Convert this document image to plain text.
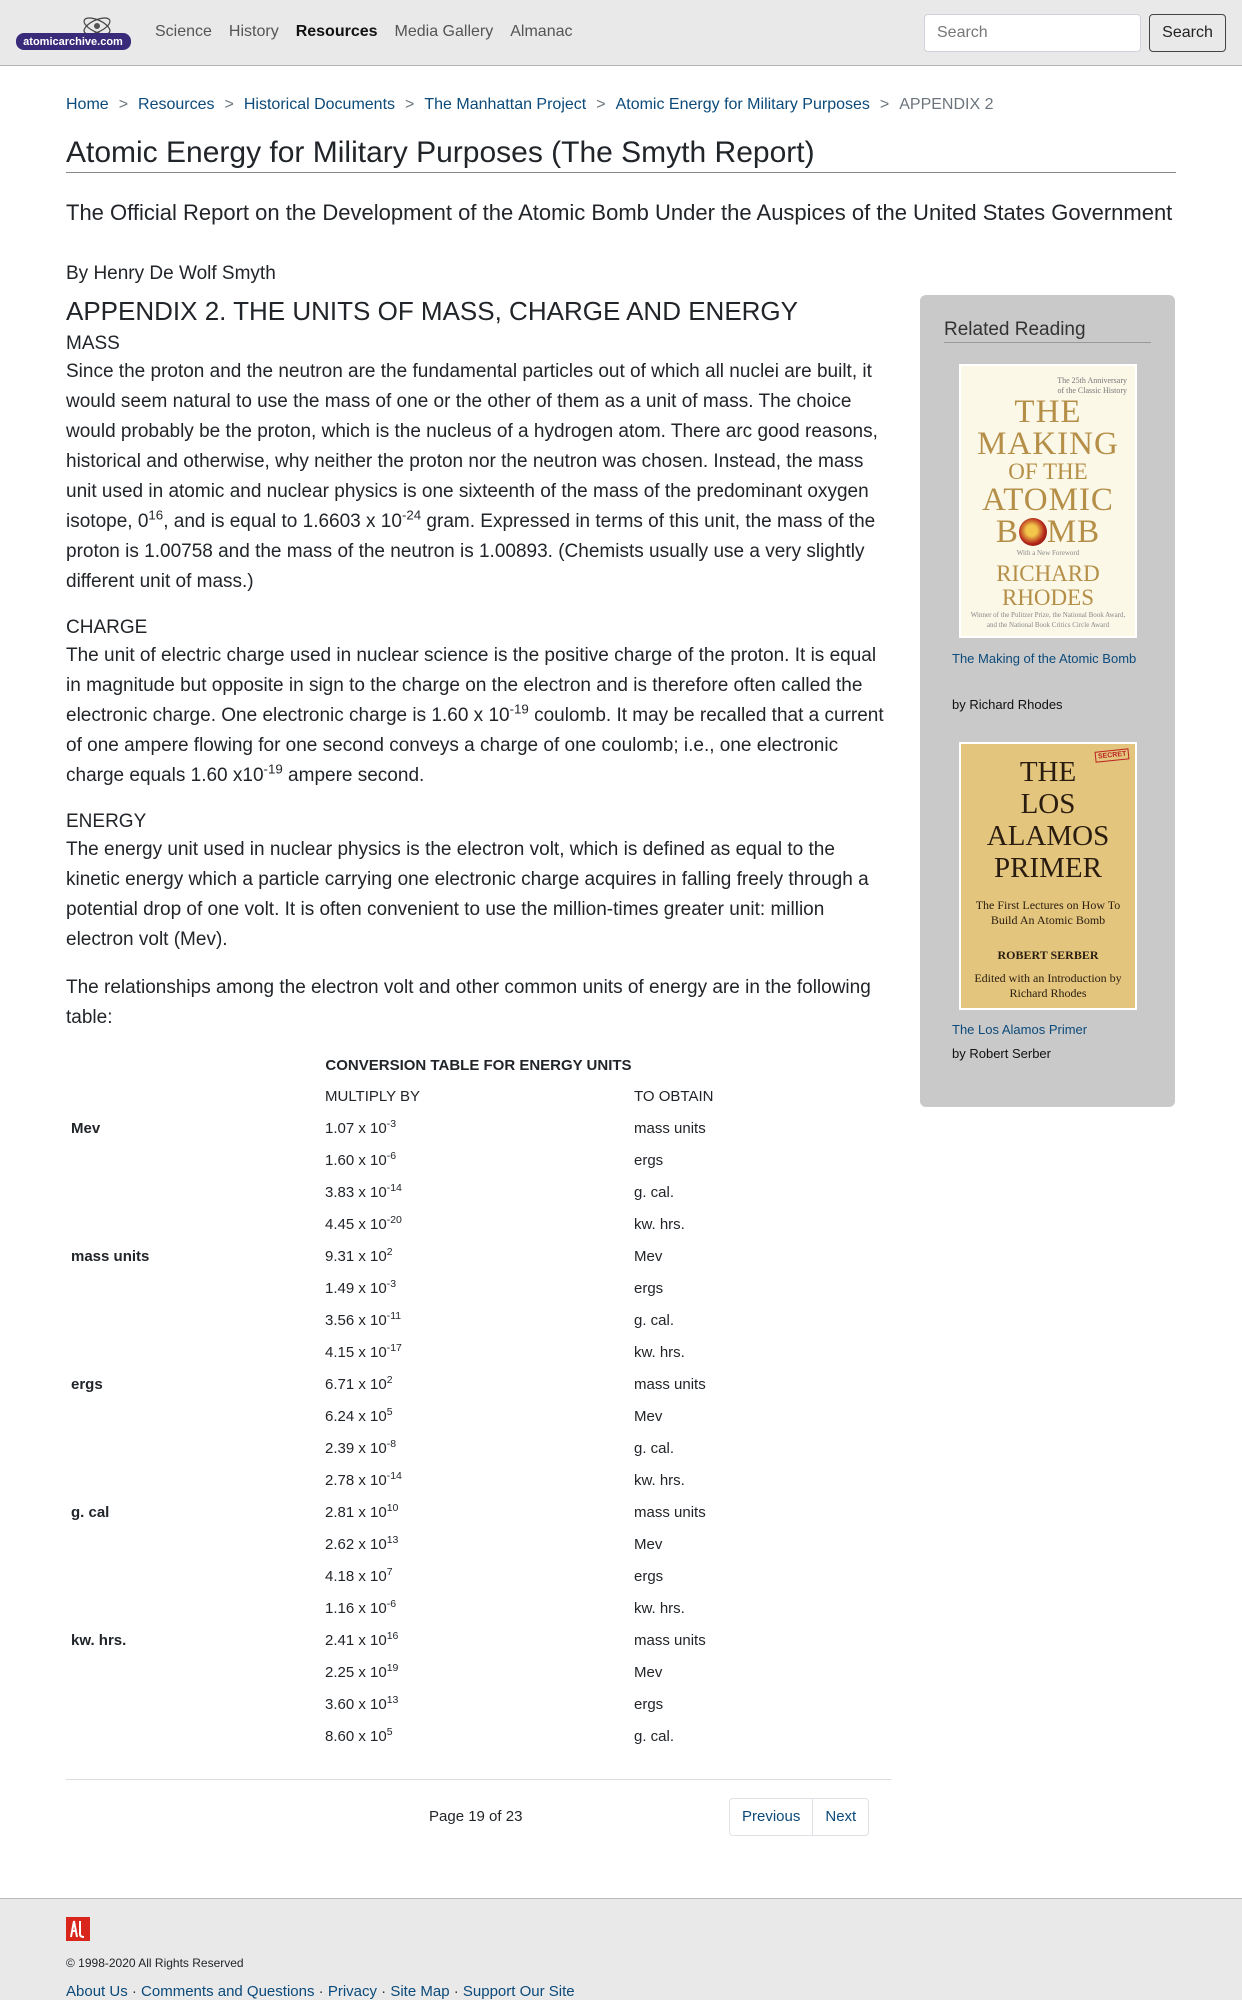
atomicarchive.com
Science History Resources Media Gallery Almanac
Search	Search
Home > Resources > Historical Documents > The Manhattan Project > Atomic Energy for Military Purposes > APPENDIX 2
Atomic Energy for Military Purposes (The Smyth Report)
The Official Report on the Development of the Atomic Bomb Under the Auspices of the United States Government
By Henry De Wolf Smyth
APPENDIX 2. THE UNITS OF MASS, CHARGE AND ENERGY
MASS

Since the proton and the neutron are the fundamental particles out of which all nuclei are built, it would seem natural to use the mass of one or the other of them as a unit of mass. The choice would probably be the proton, which is the nucleus of a hydrogen atom. There arc good reasons, historical and otherwise, why neither the proton nor the neutron was chosen. Instead, the mass unit used in atomic and nuclear physics is one sixteenth of the mass of the predominant oxygen isotope, $0^{16}$, and is equal to 1.6603 x $10^{-24}$ gram. Expressed in terms of this unit, the mass of the proton is 1.00758 and the mass of the neutron is 1.00893. (Chemists usually use a very slightly different unit of mass.)

CHARGE

The unit of electric charge used in nuclear science is the positive charge of the proton. It is equal in magnitude but opposite in sign to the charge on the electron and is therefore often called the electronic charge. One electronic charge is 1.60 x $10^{-19}$ coulomb. It may be recalled that a current of one ampere flowing for one second conveys a charge of one coulomb; i.e., one electronic charge equals 1.60 $x10^{-19}$ ampere second.

ENERGY

The energy unit used in nuclear physics is the electron volt, which is defined as equal to the kinetic energy which a particle carrying one electronic charge acquires in falling freely through a potential drop of one volt. It is often convenient to use the million-times greater unit: million electron volt (Mev).

The relationships among the electron volt and other common units of energy are in the following table:

CONVERSION TABLE FOR ENERGY UNITS
	MULTIPLY BY	TO OBTAIN
Mev	1.07 x $10^{-3}$	mass units
	1.60 x $10^{-6}$	ergs
	3.83 x $10^{-14}$	g. cal.
	4.45 x $10^{-20}$	kw. hrs.
mass units	9.31 x $10^2$	Mev
	1.49 x $10^{-3}$	ergs
	3.56 x $10^{-11}$	g. cal.
	4.15 x $10^{-17}$	kw. hrs.
ergs	6.71 x $10^2$	mass units
	6.24 x $10^5$	Mev
	2.39 x $10^{-8}$	g. cal.
	2.78 x $10^{-14}$	kw. hrs.
g. cal	2.81 x $10^{10}$	mass units
	2.62 x $10^{13}$	Mev
	4.18 x $10^7$	ergs
	1.16 x $10^{-6}$	kw. hrs.
kw. hrs.	2.41 x $10^{16}$	mass units
	2.25 x $10^{19}$	Mev
	3.60 x $10^{13}$	ergs
	8.60 x $10^5$	g. cal.
Page 19 of 23	Previous	Next
Related Reading
The 25th Anniversary
of the Classic History
THE
MAKING
OF THE
ATOMIC
B MB
With a New Foreword
RICHARD
RHODES
Winner of the Pulitzer Prize, the National Book Award, and the National Book Critics Circle Award
The Making of the Atomic Bomb
by Richard Rhodes
SECRET
THE
LOS ALAMOS
PRIMER
The First Lectures on How To Build An Atomic Bomb
ROBERT SERBER
Edited with an Introduction by Richard Rhodes
The Los Alamos Primer
by Robert Serber
© 1998-2020 All Rights Reserved
About Us · Comments and Questions · Privacy · Site Map · Support Our Site
